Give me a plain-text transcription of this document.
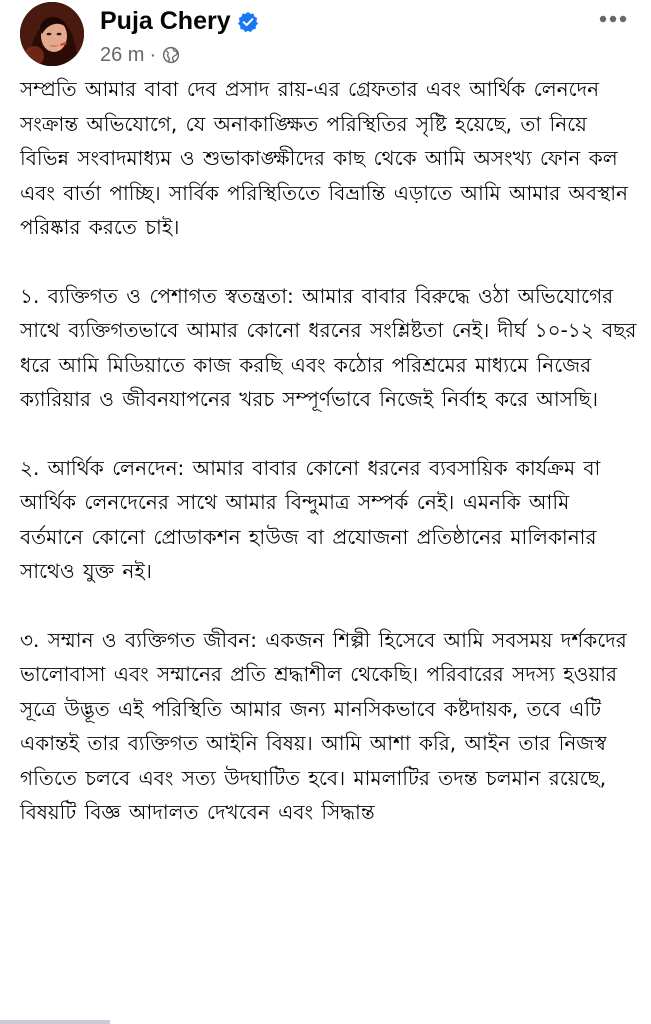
Puja Chery
26 m ·

সম্প্রতি আমার বাবা দেব প্রসাদ রায়-এর গ্রেফতার এবং আর্থিক লেনদেন সংক্রান্ত অভিযোগে, যে অনাকাঙ্ক্ষিত পরিস্থিতির সৃষ্টি হয়েছে, তা নিয়ে বিভিন্ন সংবাদমাধ্যম ও শুভাকাঙ্ক্ষীদের কাছ থেকে আমি অসংখ্য ফোন কল এবং বার্তা পাচ্ছি। সার্বিক পরিস্থিতিতে বিভ্রান্তি এড়াতে আমি আমার অবস্থান পরিষ্কার করতে চাই।

১. ব্যক্তিগত ও পেশাগত স্বতন্ত্রতা: আমার বাবার বিরুদ্ধে ওঠা অভিযোগের সাথে ব্যক্তিগতভাবে আমার কোনো ধরনের সংশ্লিষ্টতা নেই। দীর্ঘ ১০-১২ বছর ধরে আমি মিডিয়াতে কাজ করছি এবং কঠোর পরিশ্রমের মাধ্যমে নিজের ক্যারিয়ার ও জীবনযাপনের খরচ সম্পূর্ণভাবে নিজেই নির্বাহ করে আসছি।

২. আর্থিক লেনদেন: আমার বাবার কোনো ধরনের ব্যবসায়িক কার্যক্রম বা আর্থিক লেনদেনের সাথে আমার বিন্দুমাত্র সম্পর্ক নেই। এমনকি আমি বর্তমানে কোনো প্রোডাকশন হাউজ বা প্রযোজনা প্রতিষ্ঠানের মালিকানার সাথেও যুক্ত নই।

৩. সম্মান ও ব্যক্তিগত জীবন: একজন শিল্পী হিসেবে আমি সবসময় দর্শকদের ভালোবাসা এবং সম্মানের প্রতি শ্রদ্ধাশীল থেকেছি। পরিবারের সদস্য হওয়ার সূত্রে উদ্ভূত এই পরিস্থিতি আমার জন্য মানসিকভাবে কষ্টদায়ক, তবে এটি একান্তই তার ব্যক্তিগত আইনি বিষয়। আমি আশা করি, আইন তার নিজস্ব গতিতে চলবে এবং সত্য উদঘাটিত হবে। মামলাটির তদন্ত চলমান রয়েছে, বিষয়টি বিজ্ঞ আদালত দেখবেন এবং সিদ্ধান্ত
